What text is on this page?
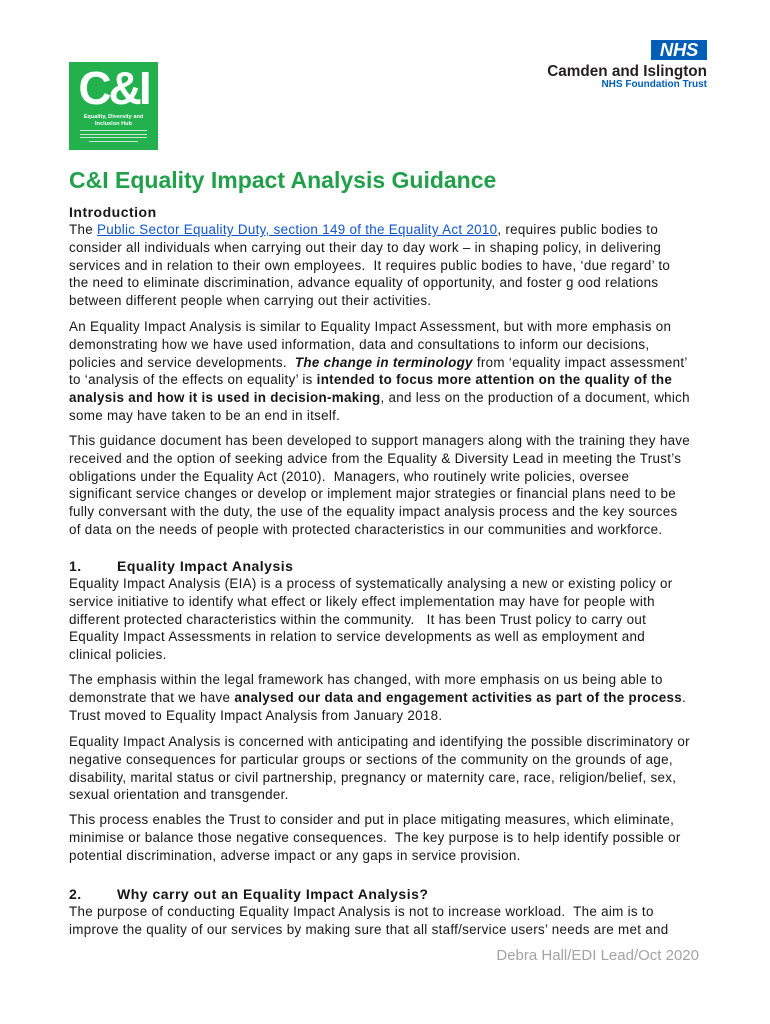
C&I
Equality, Diversity and
Inclusion Hub
NHS
Camden and Islington
NHS Foundation Trust
C&I Equality Impact Analysis Guidance
Introduction
The Public Sector Equality Duty, section 149 of the Equality Act 2010, requires public bodies to
consider all individuals when carrying out their day to day work – in shaping policy, in delivering
services and in relation to their own employees.  It requires public bodies to have, ‘due regard’ to
the need to eliminate discrimination, advance equality of opportunity, and foster g ood relations
between different people when carrying out their activities.
An Equality Impact Analysis is similar to Equality Impact Assessment, but with more emphasis on
demonstrating how we have used information, data and consultations to inform our decisions,
policies and service developments.  The change in terminology from ‘equality impact assessment’
to ‘analysis of the effects on equality’ is intended to focus more attention on the quality of the
analysis and how it is used in decision-making, and less on the production of a document, which
some may have taken to be an end in itself.
This guidance document has been developed to support managers along with the training they have
received and the option of seeking advice from the Equality & Diversity Lead in meeting the Trust’s
obligations under the Equality Act (2010).  Managers, who routinely write policies, oversee
significant service changes or develop or implement major strategies or financial plans need to be
fully conversant with the duty, the use of the equality impact analysis process and the key sources
of data on the needs of people with protected characteristics in our communities and workforce.
1.	Equality Impact Analysis
Equality Impact Analysis (EIA) is a process of systematically analysing a new or existing policy or
service initiative to identify what effect or likely effect implementation may have for people with
different protected characteristics within the community.   It has been Trust policy to carry out
Equality Impact Assessments in relation to service developments as well as employment and
clinical policies.
The emphasis within the legal framework has changed, with more emphasis on us being able to
demonstrate that we have analysed our data and engagement activities as part of the process.
Trust moved to Equality Impact Analysis from January 2018.
Equality Impact Analysis is concerned with anticipating and identifying the possible discriminatory or
negative consequences for particular groups or sections of the community on the grounds of age,
disability, marital status or civil partnership, pregnancy or maternity care, race, religion/belief, sex,
sexual orientation and transgender.
This process enables the Trust to consider and put in place mitigating measures, which eliminate,
minimise or balance those negative consequences.  The key purpose is to help identify possible or
potential discrimination, adverse impact or any gaps in service provision.
2.	Why carry out an Equality Impact Analysis?
The purpose of conducting Equality Impact Analysis is not to increase workload.  The aim is to
improve the quality of our services by making sure that all staff/service users’ needs are met and
Debra Hall/EDI Lead/Oct 2020
